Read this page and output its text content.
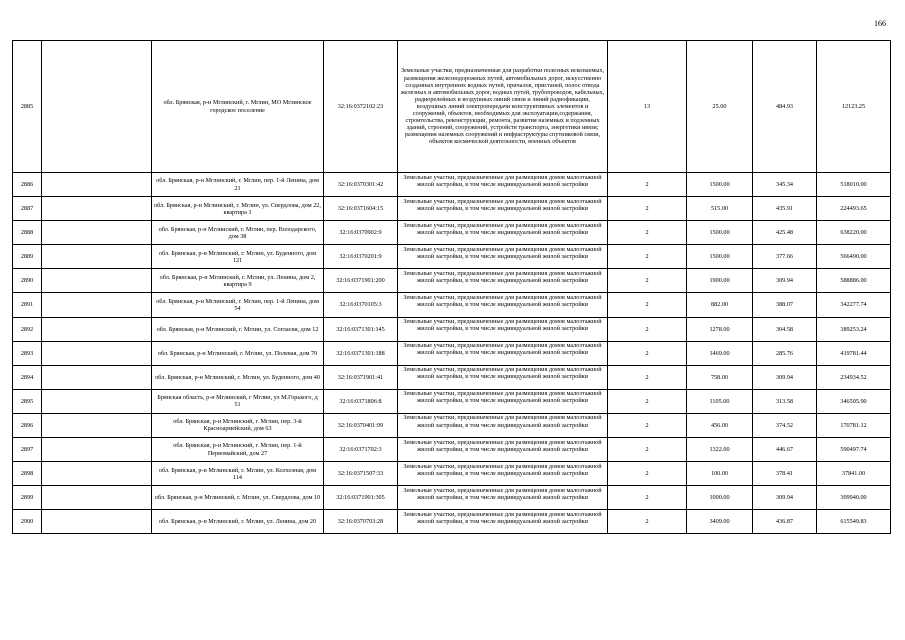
166
2885		обл. Брянская, р-н Мглинский, г. Мглин, МО Мглинское городское поселение	32:16:0372102:23	Земельные участки, предназначенные для разработки полезных ископаемых, размещения железнодорожных путей, автомобильных дорог, искусственно созданных внутренних водных путей, причалов, пристаней, полос отвода железных и автомобильных дорог, водных путей, трубопроводов, кабельных, радиорелейных и воздушных линий связи и линий радиофикации, воздушных линий электропередачи конструктивных элементов и сооружений, объектов, необходимых для эксплуатации,содержания, строительства, реконструкции, ремонта, развития наземных и подземных зданий, строений, сооружений, устройств транспорта, энергетики ивязи; размещения наземных сооружений и инфраструктуры спутниковой связи, объектов космической деятельности, военных объектов	13	25.00	484.93	12123.25
2886		обл. Брянская, р-н Мглинский, г. Мглин, пер. 1-й Ленина, дом 21	32:16:0370301:42	Земельные участки, предназначенные для размещения домов малоэтажной жилой застройки, в том числе индивидуальной жилой застройки	2	1500.00	345.34	518010.00
2887		обл. Брянская, р-н Мглинский, г. Мглин, ул. Свердлова, дом 22, квартира 1	32:16:0371604:15	Земельные участки, предназначенные для размещения домов малоэтажной жилой застройки, в том числе индивидуальной жилой застройки	2	515.00	435.91	224493.65
2888		обл. Брянская, р-н Мглинский, г. Мглин, пер. Володарского, дом 38	32:16:0370902:9	Земельные участки, предназначенные для размещения домов малоэтажной жилой застройки, в том числе индивидуальной жилой застройки	2	1500.00	425.48	638220.00
2889		обл. Брянская, р-н Мглинский, г. Мглин, ул. Буденного, дом 121	32:16:0370201:9	Земельные участки, предназначенные для размещения домов малоэтажной жилой застройки, в том числе индивидуальной жилой застройки	2	1500.00	377.66	566490.00
2890		обл. Брянская, р-н Мглинский, г. Мглин, ул. Ленина, дом 2, квартира 9	32:16:0371901:200	Земельные участки, предназначенные для размещения домов малоэтажной жилой застройки, в том числе индивидуальной жилой застройки	2	1900.00	309.94	588886.00
2891		обл. Брянская, р-н Мглинский, г. Мглин, пер. 1-й Ленина, дом 54	32:16:0370105:3	Земельные участки, предназначенные для размещения домов малоэтажной жилой застройки, в том числе индивидуальной жилой застройки	2	882.00	388.07	342277.74
2892		обл. Брянская, р-н Мглинский, г. Мглин, ул. Согласия, дом 12	32:16:0371301:145	Земельные участки, предназначенные для размещения домов малоэтажной жилой застройки, в том числе индивидуальной жилой застройки	2	1278.00	304.58	389253.24
2893		обл. Брянская, р-н Мглинский, г. Мглин, ул. Полевая, дом 70	32:16:0371301:188	Земельные участки, предназначенные для размещения домов малоэтажной жилой застройки, в том числе индивидуальной жилой застройки	2	1469.00	285.76	419781.44
2894		обл. Брянская, р-н Мглинский, г. Мглин, ул. Буденного, дом 40	32:16:0371901:41	Земельные участки, предназначенные для размещения домов малоэтажной жилой застройки, в том числе индивидуальной жилой застройки	2	758.00	309.94	234934.52
2895		Брянская область, р-н Мглинский, г Мглин, ул М.Горького, д 51	32:16:0371806:8	Земельные участки, предназначенные для размещения домов малоэтажной жилой застройки, в том числе индивидуальной жилой застройки	2	1105.00	313.58	346505.90
2896		обл. Брянская, р-н Мглинский, г. Мглин, пер. 3-й Красноармейский, дом 63	32:16:0370401:99	Земельные участки, предназначенные для размещения домов малоэтажной жилой застройки, в том числе индивидуальной жилой застройки	2	456.00	374.52	170781.12
2897		обл. Брянская, р-н Мглинский, г. Мглин, пер. 1-й Первомайский, дом 27	32:16:0371702:3	Земельные участки, предназначенные для размещения домов малоэтажной жилой застройки, в том числе индивидуальной жилой застройки	2	1322.00	446.67	590497.74
2898		обл. Брянская, р-н Мглинский, г. Мглин, ул. Колхозная, дом 114	32:16:0371507:33	Земельные участки, предназначенные для размещения домов малоэтажной жилой застройки, в том числе индивидуальной жилой застройки	2	100.00	378.41	37841.00
2899		обл. Брянская, р-н Мглинский, г. Мглин, ул. Свердлова, дом 10	32:16:0371901:305	Земельные участки, предназначенные для размещения домов малоэтажной жилой застройки, в том числе индивидуальной жилой застройки	2	1000.00	309.94	309940.00
2900		обл. Брянская, р-н Мглинский, г. Мглин, ул. Ленина, дом 20	32:16:0370703:28	Земельные участки, предназначенные для размещения домов малоэтажной жилой застройки, в том числе индивидуальной жилой застройки	2	3409.00	436.87	615549.83
